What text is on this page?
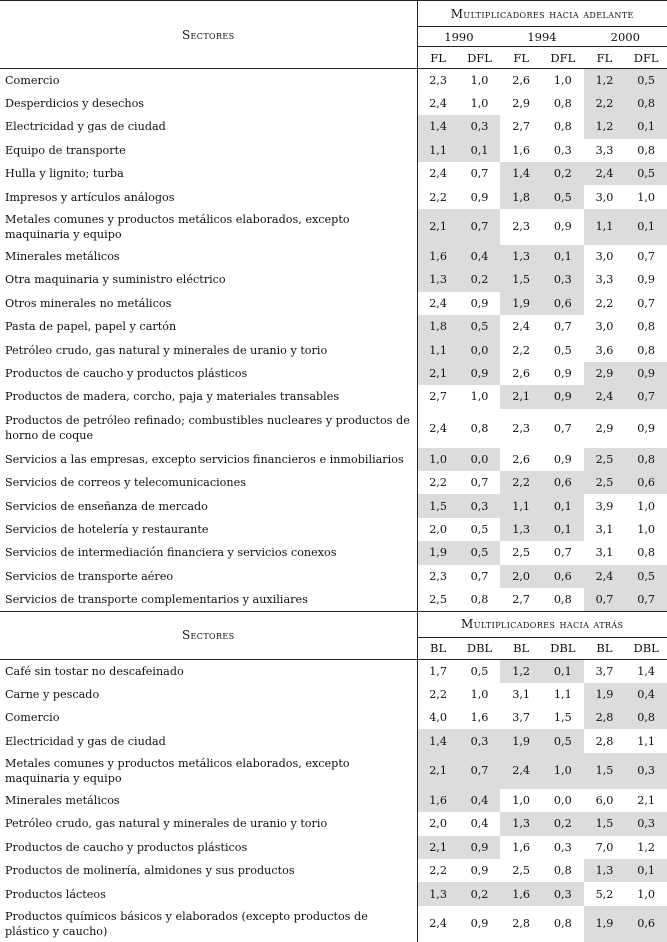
Sectores	Multiplicadores hacia adelante					
	1990		1994		2000	
	FL	DFL	FL	DFL	FL	DFL
Comercio	2,3	1,0	2,6	1,0	1,2	0,5
Desperdicios y desechos	2,4	1,0	2,9	0,8	2,2	0,8
Electricidad y gas de ciudad	1,4	0,3	2,7	0,8	1,2	0,1
Equipo de transporte	1,1	0,1	1,6	0,3	3,3	0,8
Hulla y lignito; turba	2,4	0,7	1,4	0,2	2,4	0,5
Impresos y artículos análogos	2,2	0,9	1,8	0,5	3,0	1,0
Metales comunes y productos metálicos elaborados, excepto maquinaria y equipo	2,1	0,7	2,3	0,9	1,1	0,1
Minerales metálicos	1,6	0,4	1,3	0,1	3,0	0,7
Otra maquinaria y suministro eléctrico	1,3	0,2	1,5	0,3	3,3	0,9
Otros minerales no metálicos	2,4	0,9	1,9	0,6	2,2	0,7
Pasta de papel, papel y cartón	1,8	0,5	2,4	0,7	3,0	0,8
Petróleo crudo, gas natural y minerales de uranio y torio	1,1	0,0	2,2	0,5	3,6	0,8
Productos de caucho y productos plásticos	2,1	0,9	2,6	0,9	2,9	0,9
Productos de madera, corcho, paja y materiales transables	2,7	1,0	2,1	0,9	2,4	0,7
Productos de petróleo refinado; combustibles nucleares y productos de horno de coque	2,4	0,8	2,3	0,7	2,9	0,9
Servicios a las empresas, excepto servicios financieros e inmobiliarios	1,0	0,0	2,6	0,9	2,5	0,8
Servicios de correos y telecomunicaciones	2,2	0,7	2,2	0,6	2,5	0,6
Servicios de enseñanza de mercado	1,5	0,3	1,1	0,1	3,9	1,0
Servicios de hotelería y restaurante	2,0	0,5	1,3	0,1	3,1	1,0
Servicios de intermediación financiera y servicios conexos	1,9	0,5	2,5	0,7	3,1	0,8
Servicios de transporte aéreo	2,3	0,7	2,0	0,6	2,4	0,5
Servicios de transporte complementarios y auxiliares	2,5	0,8	2,7	0,8	0,7	0,7
Sectores	Multiplicadores hacia atrás					
	BL	DBL	BL	DBL	BL	DBL
Café sin tostar no descafeinado	1,7	0,5	1,2	0,1	3,7	1,4
Carne y pescado	2,2	1,0	3,1	1,1	1,9	0,4
Comercio	4,0	1,6	3,7	1,5	2,8	0,8
Electricidad y gas de ciudad	1,4	0,3	1,9	0,5	2,8	1,1
Metales comunes y productos metálicos elaborados, excepto maquinaria y equipo	2,1	0,7	2,4	1,0	1,5	0,3
Minerales metálicos	1,6	0,4	1,0	0,0	6,0	2,1
Petróleo crudo, gas natural y minerales de uranio y torio	2,0	0,4	1,3	0,2	1,5	0,3
Productos de caucho y productos plásticos	2,1	0,9	1,6	0,3	7,0	1,2
Productos de molinería, almidones y sus productos	2,2	0,9	2,5	0,8	1,3	0,1
Productos lácteos	1,3	0,2	1,6	0,3	5,2	1,0
Productos químicos básicos y elaborados (excepto productos de plástico y caucho)	2,4	0,9	2,8	0,8	1,9	0,6
